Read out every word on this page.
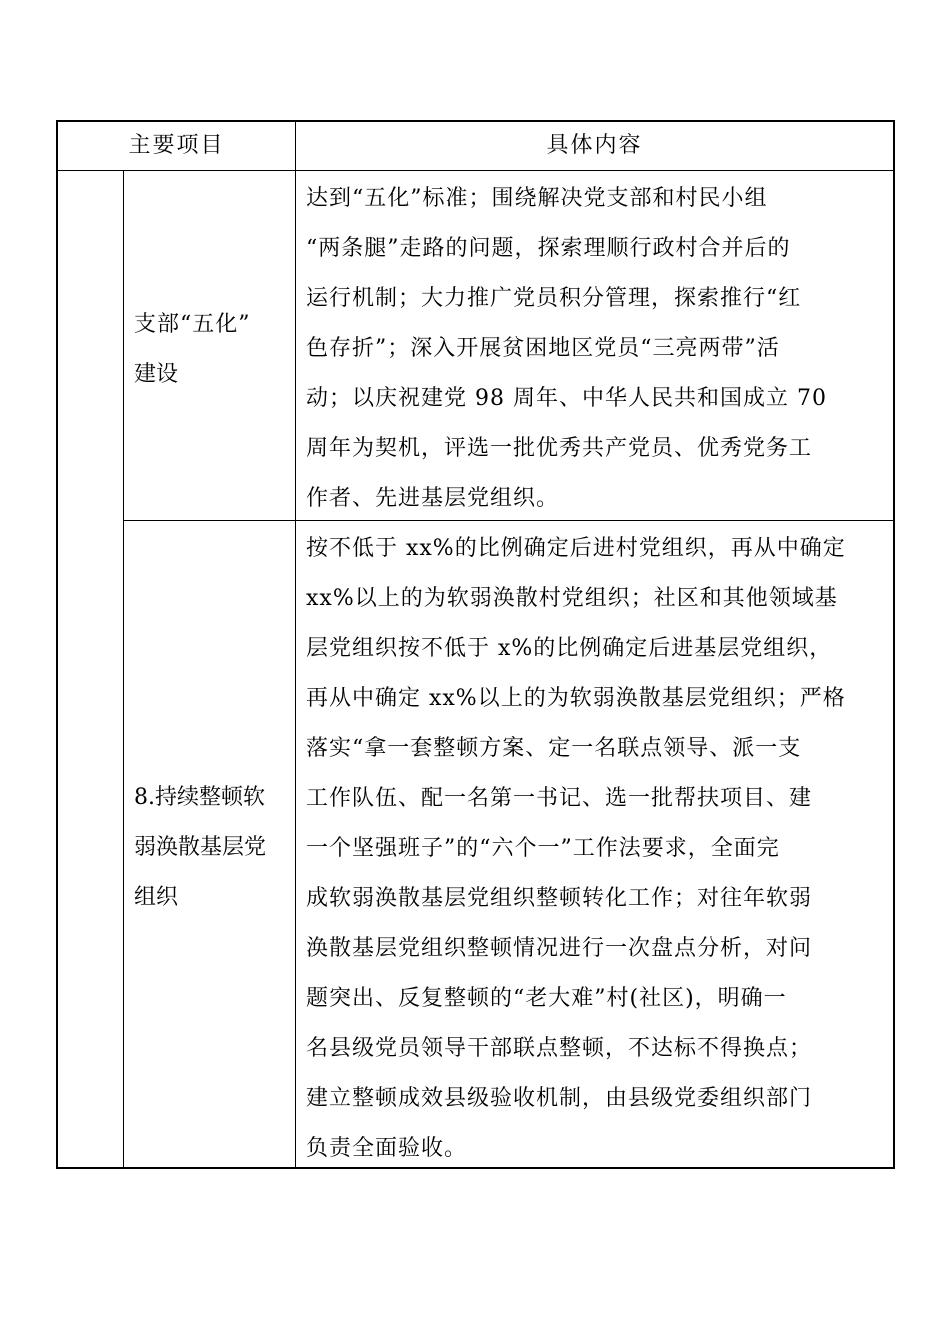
主要项目	具体内容
支部“五化”
建设
达到“五化”标准；围绕解决党支部和村民小组
“两条腿”走路的问题，探索理顺行政村合并后的
运行机制；大力推广党员积分管理，探索推行“红
色存折”；深入开展贫困地区党员“三亮两带”活
动；以庆祝建党 98 周年、中华人民共和国成立 70
周年为契机，评选一批优秀共产党员、优秀党务工
作者、先进基层党组织。
8.持续整顿软
弱涣散基层党
组织
按不低于 xx%的比例确定后进村党组织，再从中确定
xx%以上的为软弱涣散村党组织；社区和其他领域基
层党组织按不低于 x%的比例确定后进基层党组织，
再从中确定 xx%以上的为软弱涣散基层党组织；严格
落实“拿一套整顿方案、定一名联点领导、派一支
工作队伍、配一名第一书记、选一批帮扶项目、建
一个坚强班子”的“六个一”工作法要求，全面完
成软弱涣散基层党组织整顿转化工作；对往年软弱
涣散基层党组织整顿情况进行一次盘点分析，对问
题突出、反复整顿的“老大难”村(社区)，明确一
名县级党员领导干部联点整顿，不达标不得换点；
建立整顿成效县级验收机制，由县级党委组织部门
负责全面验收。
